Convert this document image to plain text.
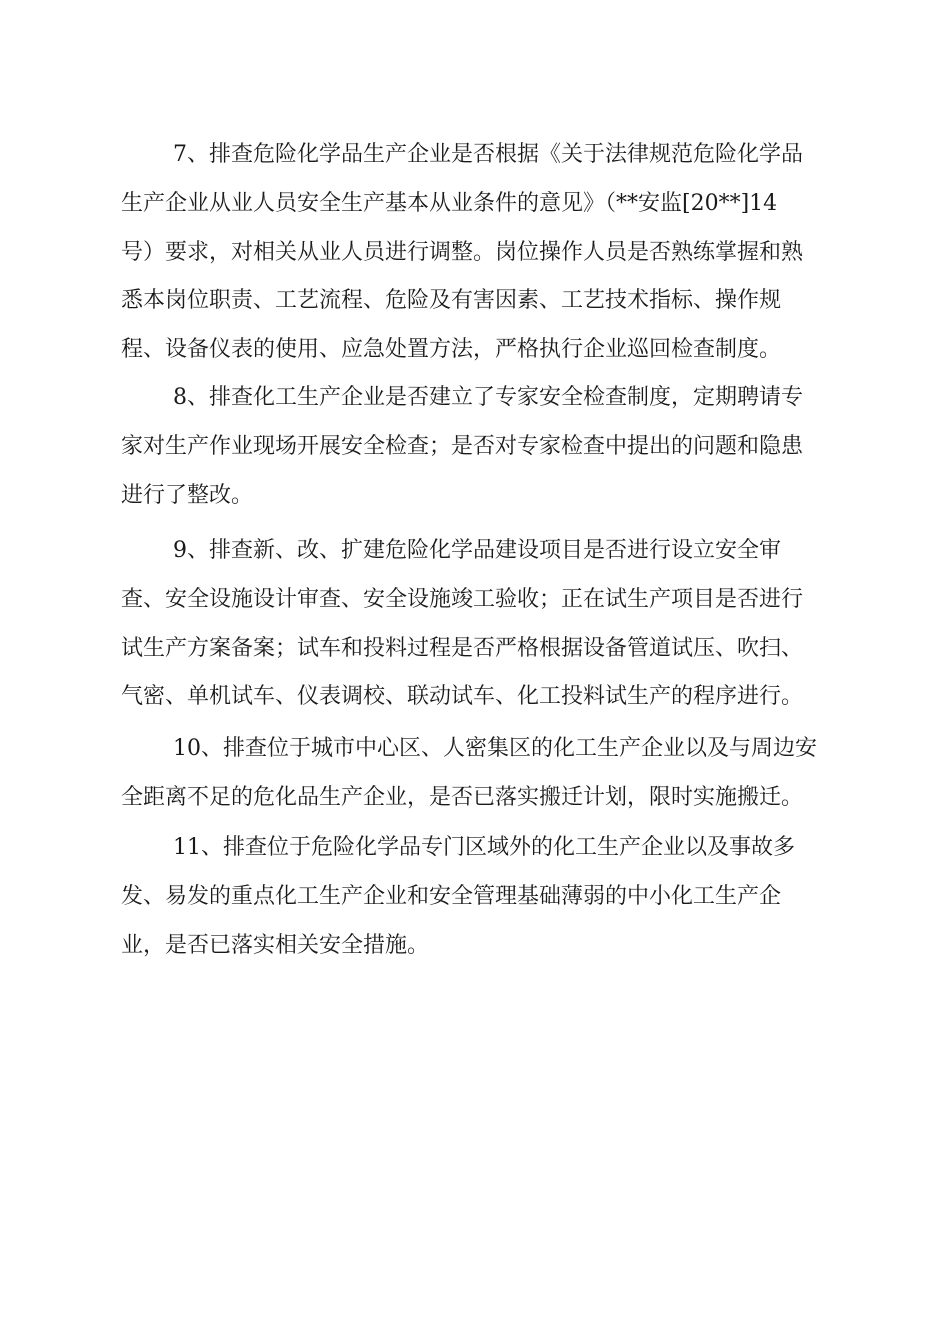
7、排查危险化学品生产企业是否根据《关于法律规范危险化学品
生产企业从业人员安全生产基本从业条件的意见》（**安监[20**]14
号）要求，对相关从业人员进行调整。岗位操作人员是否熟练掌握和熟
悉本岗位职责、工艺流程、危险及有害因素、工艺技术指标、操作规
程、设备仪表的使用、应急处置方法，严格执行企业巡回检查制度。

8、排查化工生产企业是否建立了专家安全检查制度，定期聘请专
家对生产作业现场开展安全检查；是否对专家检查中提出的问题和隐患
进行了整改。

9、排查新、改、扩建危险化学品建设项目是否进行设立安全审
查、安全设施设计审查、安全设施竣工验收；正在试生产项目是否进行
试生产方案备案；试车和投料过程是否严格根据设备管道试压、吹扫、
气密、单机试车、仪表调校、联动试车、化工投料试生产的程序进行。

10、排查位于城市中心区、人密集区的化工生产企业以及与周边安
全距离不足的危化品生产企业，是否已落实搬迁计划，限时实施搬迁。

11、排查位于危险化学品专门区域外的化工生产企业以及事故多
发、易发的重点化工生产企业和安全管理基础薄弱的中小化工生产企
业，是否已落实相关安全措施。
